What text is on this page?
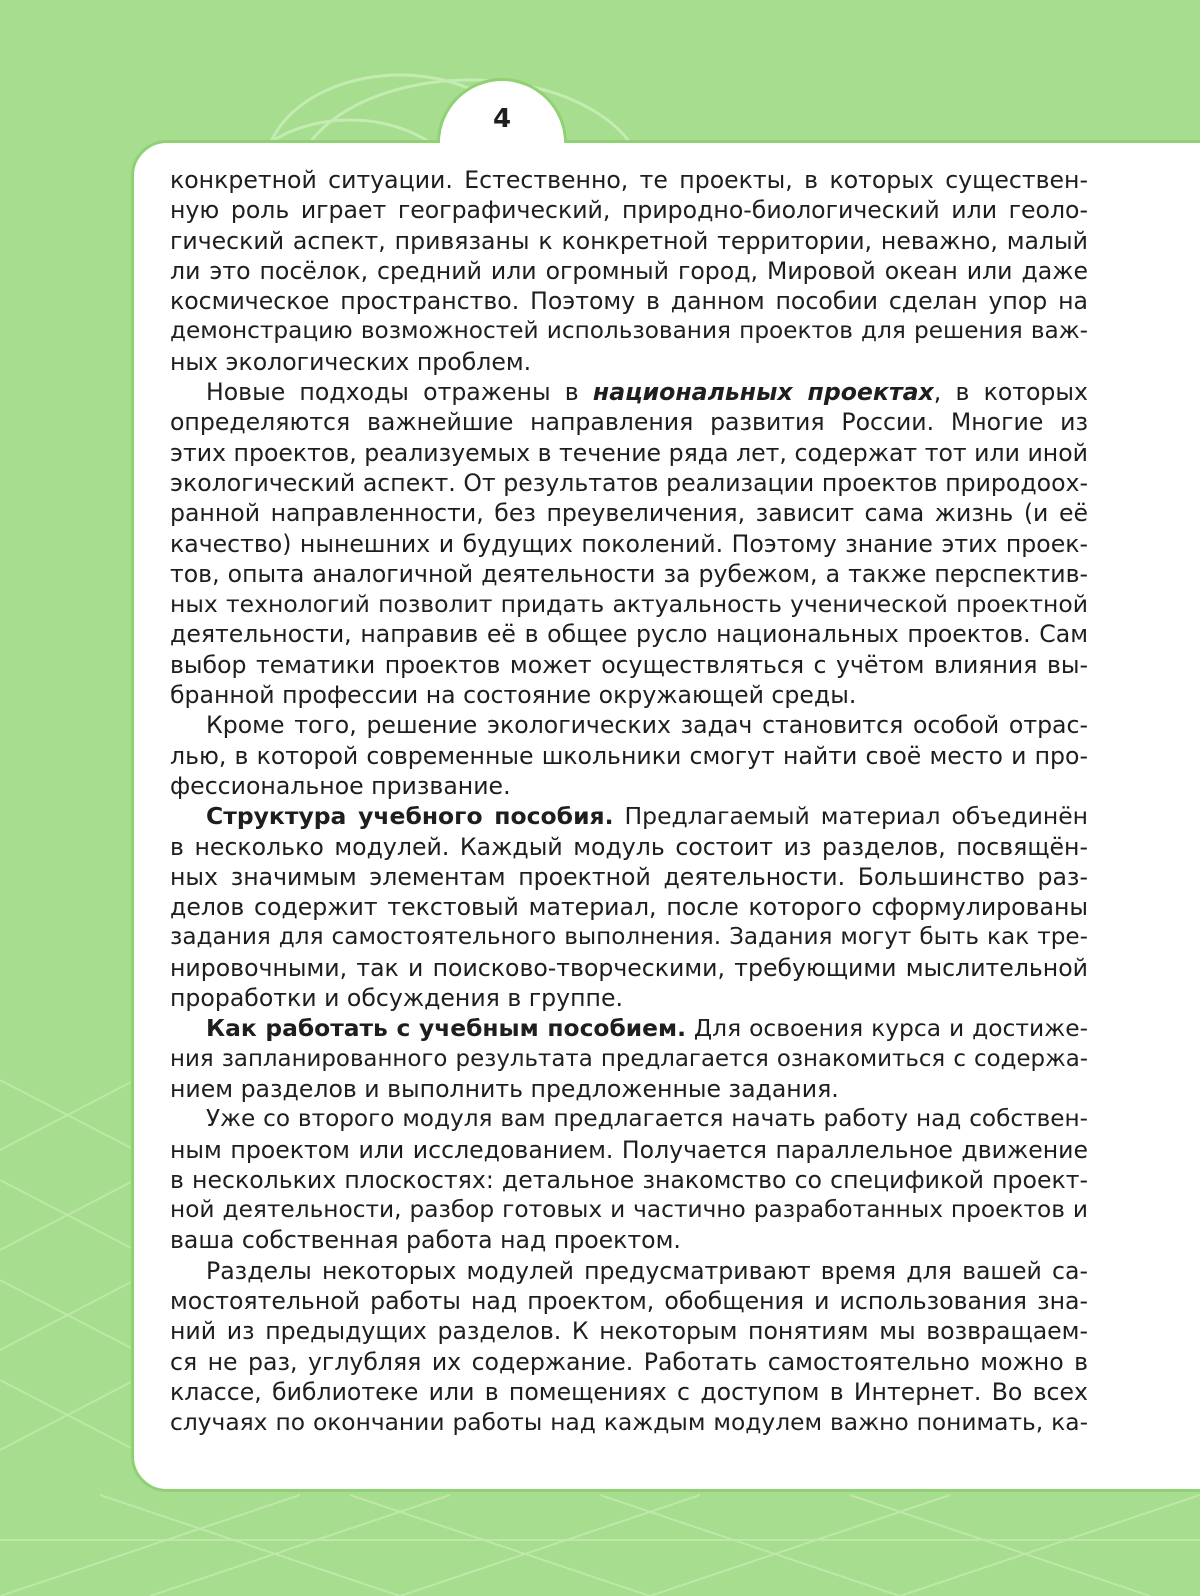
4
конкретной ситуации. Естественно, те проекты, в которых существен-
ную роль играет географический, природно-биологический или геоло-
гический аспект, привязаны к конкретной территории, неважно, малый
ли это посёлок, средний или огромный город, Мировой океан или даже
космическое пространство. Поэтому в данном пособии сделан упор на
демонстрацию возможностей использования проектов для решения важ-
ных экологических проблем.
Новые подходы отражены в национальных проектах, в которых
определяются важнейшие направления развития России. Многие из
этих проектов, реализуемых в течение ряда лет, содержат тот или иной
экологический аспект. От результатов реализации проектов природоох-
ранной направленности, без преувеличения, зависит сама жизнь (и её
качество) нынешних и будущих поколений. Поэтому знание этих проек-
тов, опыта аналогичной деятельности за рубежом, а также перспектив-
ных технологий позволит придать актуальность ученической проектной
деятельности, направив её в общее русло национальных проектов. Сам
выбор тематики проектов может осуществляться с учётом влияния вы-
бранной профессии на состояние окружающей среды.
Кроме того, решение экологических задач становится особой отрас-
лью, в которой современные школьники смогут найти своё место и про-
фессиональное призвание.
Структура учебного пособия. Предлагаемый материал объединён
в несколько модулей. Каждый модуль состоит из разделов, посвящён-
ных значимым элементам проектной деятельности. Большинство раз-
делов содержит текстовый материал, после которого сформулированы
задания для самостоятельного выполнения. Задания могут быть как тре-
нировочными, так и поисково-творческими, требующими мыслительной
проработки и обсуждения в группе.
Как работать с учебным пособием. Для освоения курса и достиже-
ния запланированного результата предлагается ознакомиться с содержа-
нием разделов и выполнить предложенные задания.
Уже со второго модуля вам предлагается начать работу над собствен-
ным проектом или исследованием. Получается параллельное движение
в нескольких плоскостях: детальное знакомство со спецификой проект-
ной деятельности, разбор готовых и частично разработанных проектов и
ваша собственная работа над проектом.
Разделы некоторых модулей предусматривают время для вашей са-
мостоятельной работы над проектом, обобщения и использования зна-
ний из предыдущих разделов. К некоторым понятиям мы возвращаем-
ся не раз, углубляя их содержание. Работать самостоятельно можно в
классе, библиотеке или в помещениях с доступом в Интернет. Во всех
случаях по окончании работы над каждым модулем важно понимать, ка-
